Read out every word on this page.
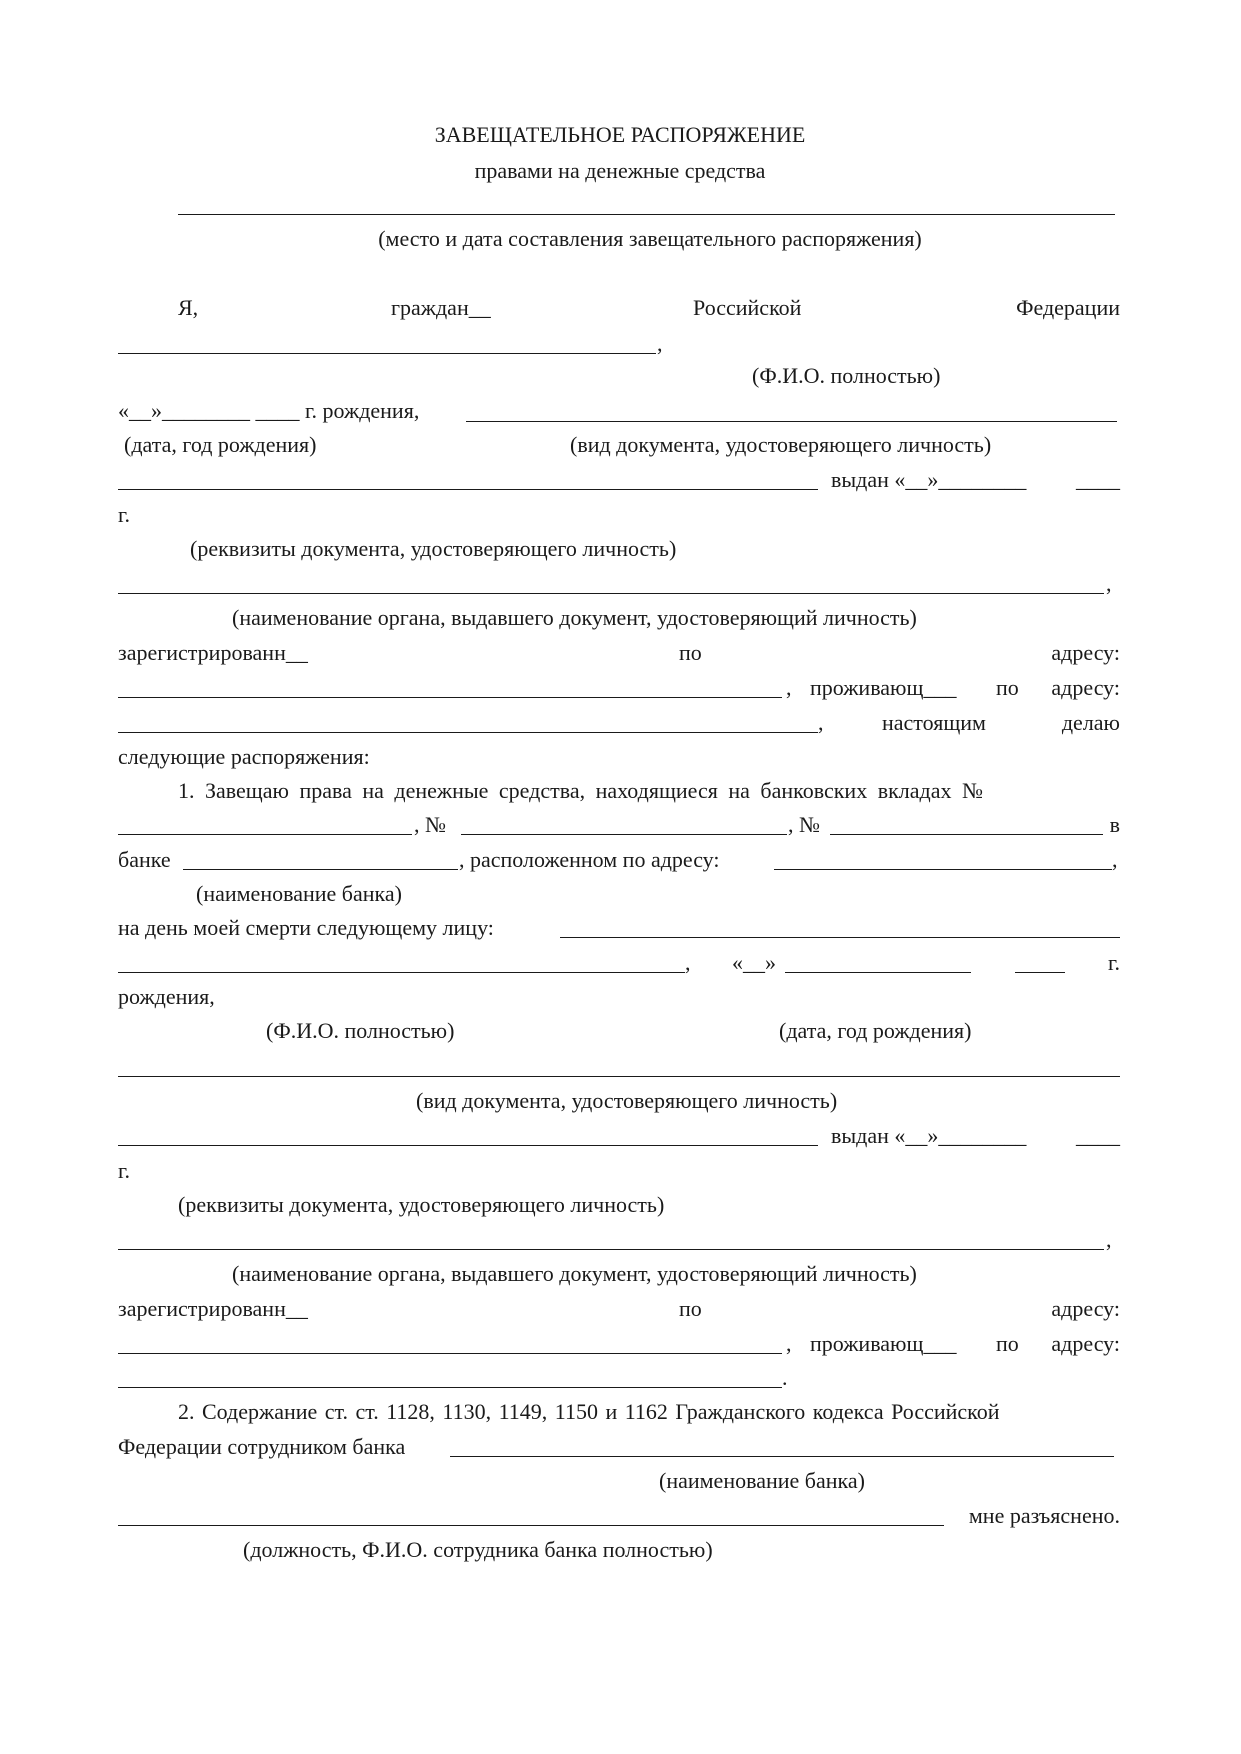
ЗАВЕЩАТЕЛЬНОЕ РАСПОРЯЖЕНИЕ
правами на денежные средства
(место и дата составления завещательного распоряжения)
Я,	граждан__	Российской	Федерации
,
(Ф.И.О. полностью)
«__»________ ____ г. рождения,
(дата, год рождения)	(вид документа, удостоверяющего личность)
выдан «__»________ ____
г.
(реквизиты документа, удостоверяющего личность)
,
(наименование органа, выдавшего документ, удостоверяющий личность)
зарегистрированн__	по	адресу:
, проживающ___ по адресу:
,	настоящим	делаю
следующие распоряжения:
1. Завещаю права на денежные средства, находящиеся на банковских вкладах №
, №	, №	в
банке	, расположенном по адресу:	,
(наименование банка)
на день моей смерти следующему лицу:
, «__»	г.
рождения,
(Ф.И.О. полностью)	(дата, год рождения)
(вид документа, удостоверяющего личность)
выдан «__»________ ____
г.
(реквизиты документа, удостоверяющего личность)
,
(наименование органа, выдавшего документ, удостоверяющий личность)
зарегистрированн__	по	адресу:
, проживающ___ по адресу:
.
2. Содержание ст. ст. 1128, 1130, 1149, 1150 и 1162 Гражданского кодекса Российской
Федерации сотрудником банка
(наименование банка)
мне разъяснено.
(должность, Ф.И.О. сотрудника банка полностью)
